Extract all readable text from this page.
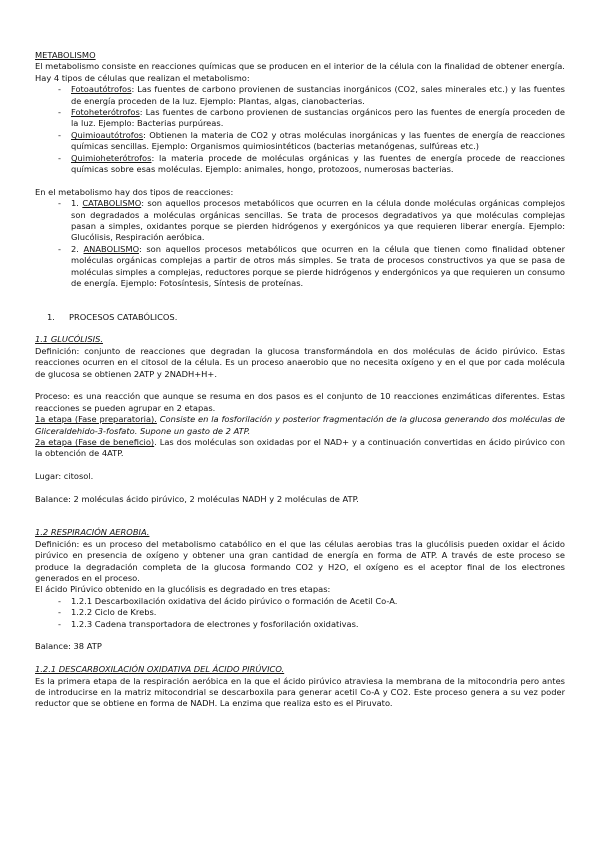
METABOLISMO

El metabolismo consiste en reacciones químicas que se producen en el interior de la célula con la finalidad de obtener energía.

Hay 4 tipos de células que realizan el metabolismo:

- Fotoautótrofos: Las fuentes de carbono provienen de sustancias inorgánicos (CO2, sales minerales etc.) y las fuentes de energía proceden de la luz. Ejemplo: Plantas, algas, cianobacterias.
- Fotoheterótrofos: Las fuentes de carbono provienen de sustancias orgánicos pero las fuentes de energía proceden de la luz. Ejemplo: Bacterias purpúreas.
- Quimioautótrofos: Obtienen la materia de CO2 y otras moléculas inorgánicas y las fuentes de energía de reacciones químicas sencillas. Ejemplo: Organismos quimiosintéticos (bacterias metanógenas, sulfúreas etc.)
- Quimioheterótrofos: la materia procede de moléculas orgánicas y las fuentes de energía procede de reacciones químicas sobre esas moléculas. Ejemplo: animales, hongo, protozoos, numerosas bacterias.

En el metabolismo hay dos tipos de reacciones:

- 1. CATABOLISMO: son aquellos procesos metabólicos que ocurren en la célula donde moléculas orgánicas complejos son degradados a moléculas orgánicas sencillas. Se trata de procesos degradativos ya que moléculas complejas pasan a simples, oxidantes porque se pierden hidrógenos y exergónicos ya que requieren liberar energía. Ejemplo: Glucólisis, Respiración aeróbica.
- 2. ANABOLISMO: son aquellos procesos metabólicos que ocurren en la célula que tienen como finalidad obtener moléculas orgánicas complejas a partir de otros más simples. Se trata de procesos constructivos ya que se pasa de moléculas simples a complejas, reductores porque se pierde hidrógenos y endergónicos ya que requieren un consumo de energía. Ejemplo: Fotosíntesis, Síntesis de proteínas.

1. PROCESOS CATABÓLICOS.

1.1 GLUCÓLISIS.

Definición: conjunto de reacciones que degradan la glucosa transformándola en dos moléculas de ácido pirúvico. Estas reacciones ocurren en el citosol de la célula. Es un proceso anaerobio que no necesita oxígeno y en el que por cada molécula de glucosa se obtienen 2ATP y 2NADH+H+.

Proceso: es una reacción que aunque se resuma en dos pasos es el conjunto de 10 reacciones enzimáticas diferentes. Estas reacciones se pueden agrupar en 2 etapas.

1a etapa (Fase preparatoria). Consiste en la fosforilación y posterior fragmentación de la glucosa generando dos moléculas de Gliceraldehido-3-fosfato. Supone un gasto de 2 ATP.

2a etapa (Fase de beneficio). Las dos moléculas son oxidadas por el NAD+ y a continuación convertidas en ácido pirúvico con la obtención de 4ATP.

Lugar: citosol.

Balance: 2 moléculas ácido pirúvico, 2 moléculas NADH y 2 moléculas de ATP.

1.2 RESPIRACIÓN AEROBIA.

Definición: es un proceso del metabolismo catabólico en el que las células aerobias tras la glucólisis pueden oxidar el ácido pirúvico en presencia de oxígeno y obtener una gran cantidad de energía en forma de ATP. A través de este proceso se produce la degradación completa de la glucosa formando CO2 y H2O, el oxígeno es el aceptor final de los electrones generados en el proceso.

El ácido Pirúvico obtenido en la glucólisis es degradado en tres etapas:

- 1.2.1 Descarboxilación oxidativa del ácido pirúvico o formación de Acetil Co-A.
- 1.2.2 Ciclo de Krebs.
- 1.2.3 Cadena transportadora de electrones y fosforilación oxidativas.

Balance: 38 ATP

1.2.1 DESCARBOXILACIÓN OXIDATIVA DEL ÁCIDO PIRÚVICO.

Es la primera etapa de la respiración aeróbica en la que el ácido pirúvico atraviesa la membrana de la mitocondria pero antes de introducirse en la matriz mitocondrial se descarboxila para generar acetil Co-A y CO2. Este proceso genera a su vez poder reductor que se obtiene en forma de NADH. La enzima que realiza esto es el Piruvato.
